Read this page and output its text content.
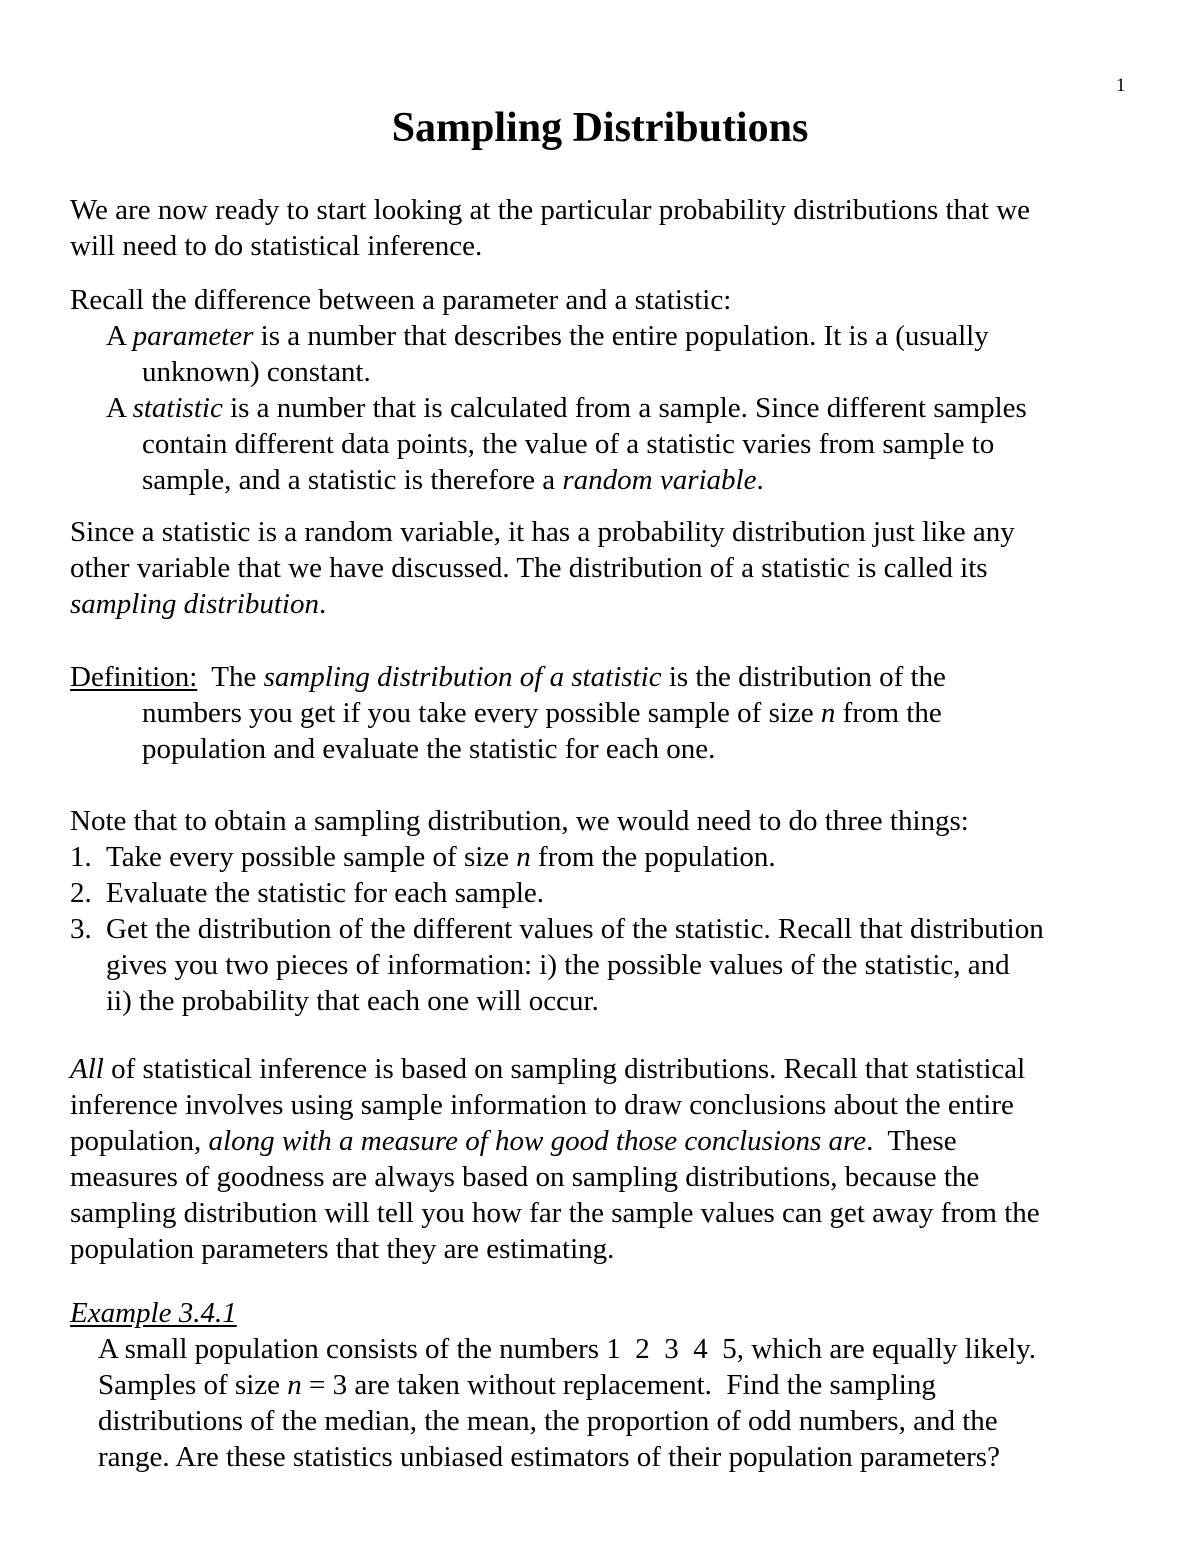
1
Sampling Distributions
We are now ready to start looking at the particular probability distributions that we
will need to do statistical inference.
Recall the difference between a parameter and a statistic:
A parameter is a number that describes the entire population. It is a (usually
unknown) constant.
A statistic is a number that is calculated from a sample. Since different samples
contain different data points, the value of a statistic varies from sample to
sample, and a statistic is therefore a random variable.
Since a statistic is a random variable, it has a probability distribution just like any
other variable that we have discussed. The distribution of a statistic is called its
sampling distribution.
Definition:  The sampling distribution of a statistic is the distribution of the
numbers you get if you take every possible sample of size n from the
population and evaluate the statistic for each one.
Note that to obtain a sampling distribution, we would need to do three things:
1. Take every possible sample of size n from the population.
2. Evaluate the statistic for each sample.
3. Get the distribution of the different values of the statistic. Recall that distribution
gives you two pieces of information: i) the possible values of the statistic, and
ii) the probability that each one will occur.
All of statistical inference is based on sampling distributions. Recall that statistical
inference involves using sample information to draw conclusions about the entire
population, along with a measure of how good those conclusions are.  These
measures of goodness are always based on sampling distributions, because the
sampling distribution will tell you how far the sample values can get away from the
population parameters that they are estimating.
Example 3.4.1
A small population consists of the numbers 1  2  3  4  5, which are equally likely.
Samples of size n = 3 are taken without replacement.  Find the sampling
distributions of the median, the mean, the proportion of odd numbers, and the
range. Are these statistics unbiased estimators of their population parameters?
